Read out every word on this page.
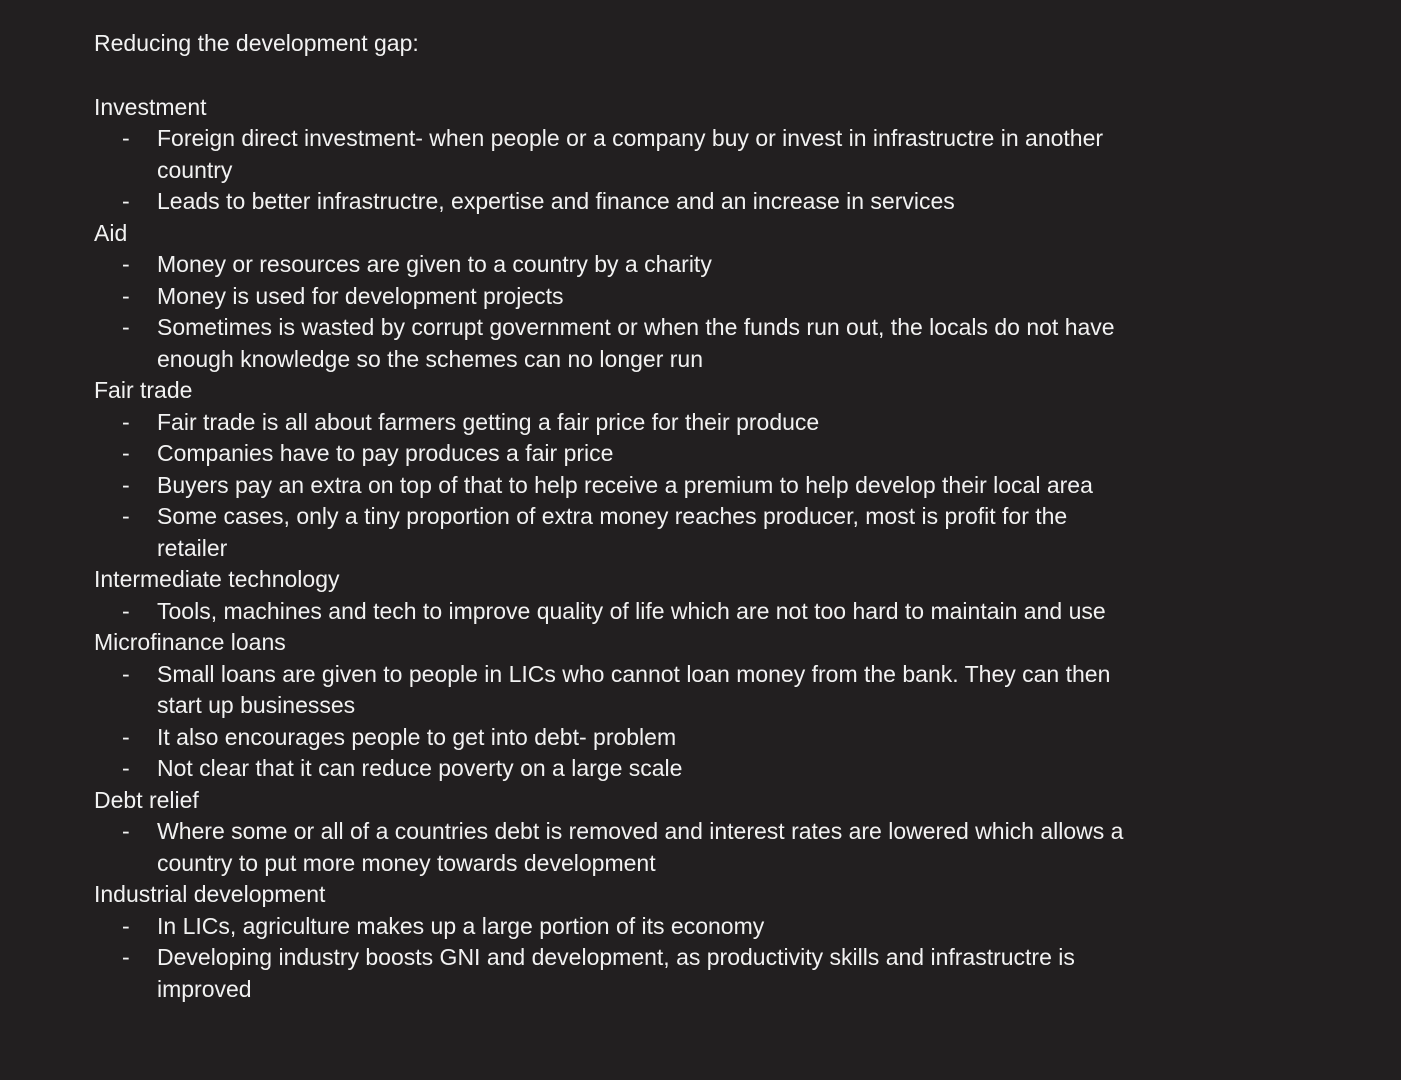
Reducing the development gap:
Investment
- Foreign direct investment- when people or a company buy or invest in infrastructre in another country
- Leads to better infrastructre, expertise and finance and an increase in services
Aid
- Money or resources are given to a country by a charity
- Money is used for development projects
- Sometimes is wasted by corrupt government or when the funds run out, the locals do not have enough knowledge so the schemes can no longer run
Fair trade
- Fair trade is all about farmers getting a fair price for their produce
- Companies have to pay produces a fair price
- Buyers pay an extra on top of that to help receive a premium to help develop their local area
- Some cases, only a tiny proportion of extra money reaches producer, most is profit for the retailer
Intermediate technology
- Tools, machines and tech to improve quality of life which are not too hard to maintain and use
Microfinance loans
- Small loans are given to people in LICs who cannot loan money from the bank. They can then start up businesses
- It also encourages people to get into debt- problem
- Not clear that it can reduce poverty on a large scale
Debt relief
- Where some or all of a countries debt is removed and interest rates are lowered which allows a country to put more money towards development
Industrial development
- In LICs, agriculture makes up a large portion of its economy
- Developing industry boosts GNI and development, as productivity skills and infrastructre is improved
